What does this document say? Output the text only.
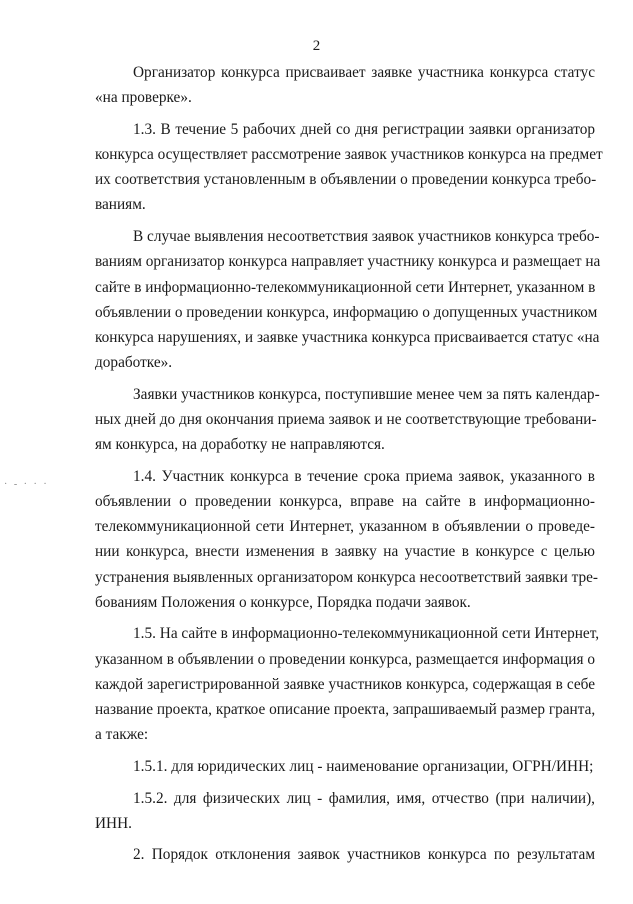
2
· - · · ·
Организатор конкурса присваивает заявке участника конкурса статус
«на проверке».
1.3. В течение 5 рабочих дней со дня регистрации заявки организатор
конкурса осуществляет рассмотрение заявок участников конкурса на предмет
их соответствия установленным в объявлении о проведении конкурса требо-
ваниям.
В случае выявления несоответствия заявок участников конкурса требо-
ваниям организатор конкурса направляет участнику конкурса и размещает на
сайте в информационно-телекоммуникационной сети Интернет, указанном в
объявлении о проведении конкурса, информацию о допущенных участником
конкурса нарушениях, и заявке участника конкурса присваивается статус «на
доработке».
Заявки участников конкурса, поступившие менее чем за пять календар-
ных дней до дня окончания приема заявок и не соответствующие требовани-
ям конкурса, на доработку не направляются.
1.4. Участник конкурса в течение срока приема заявок, указанного в
объявлении о проведении конкурса, вправе на сайте в информационно-
телекоммуникационной сети Интернет, указанном в объявлении о проведе-
нии конкурса, внести изменения в заявку на участие в конкурсе с целью
устранения выявленных организатором конкурса несоответствий заявки тре-
бованиям Положения о конкурсе, Порядка подачи заявок.
1.5. На сайте в информационно-телекоммуникационной сети Интернет,
указанном в объявлении о проведении конкурса, размещается информация о
каждой зарегистрированной заявке участников конкурса, содержащая в себе
название проекта, краткое описание проекта, запрашиваемый размер гранта,
а также:
1.5.1. для юридических лиц - наименование организации, ОГРН/ИНН;
1.5.2. для физических лиц - фамилия, имя, отчество (при наличии),
ИНН.
2. Порядок отклонения заявок участников конкурса по результатам
